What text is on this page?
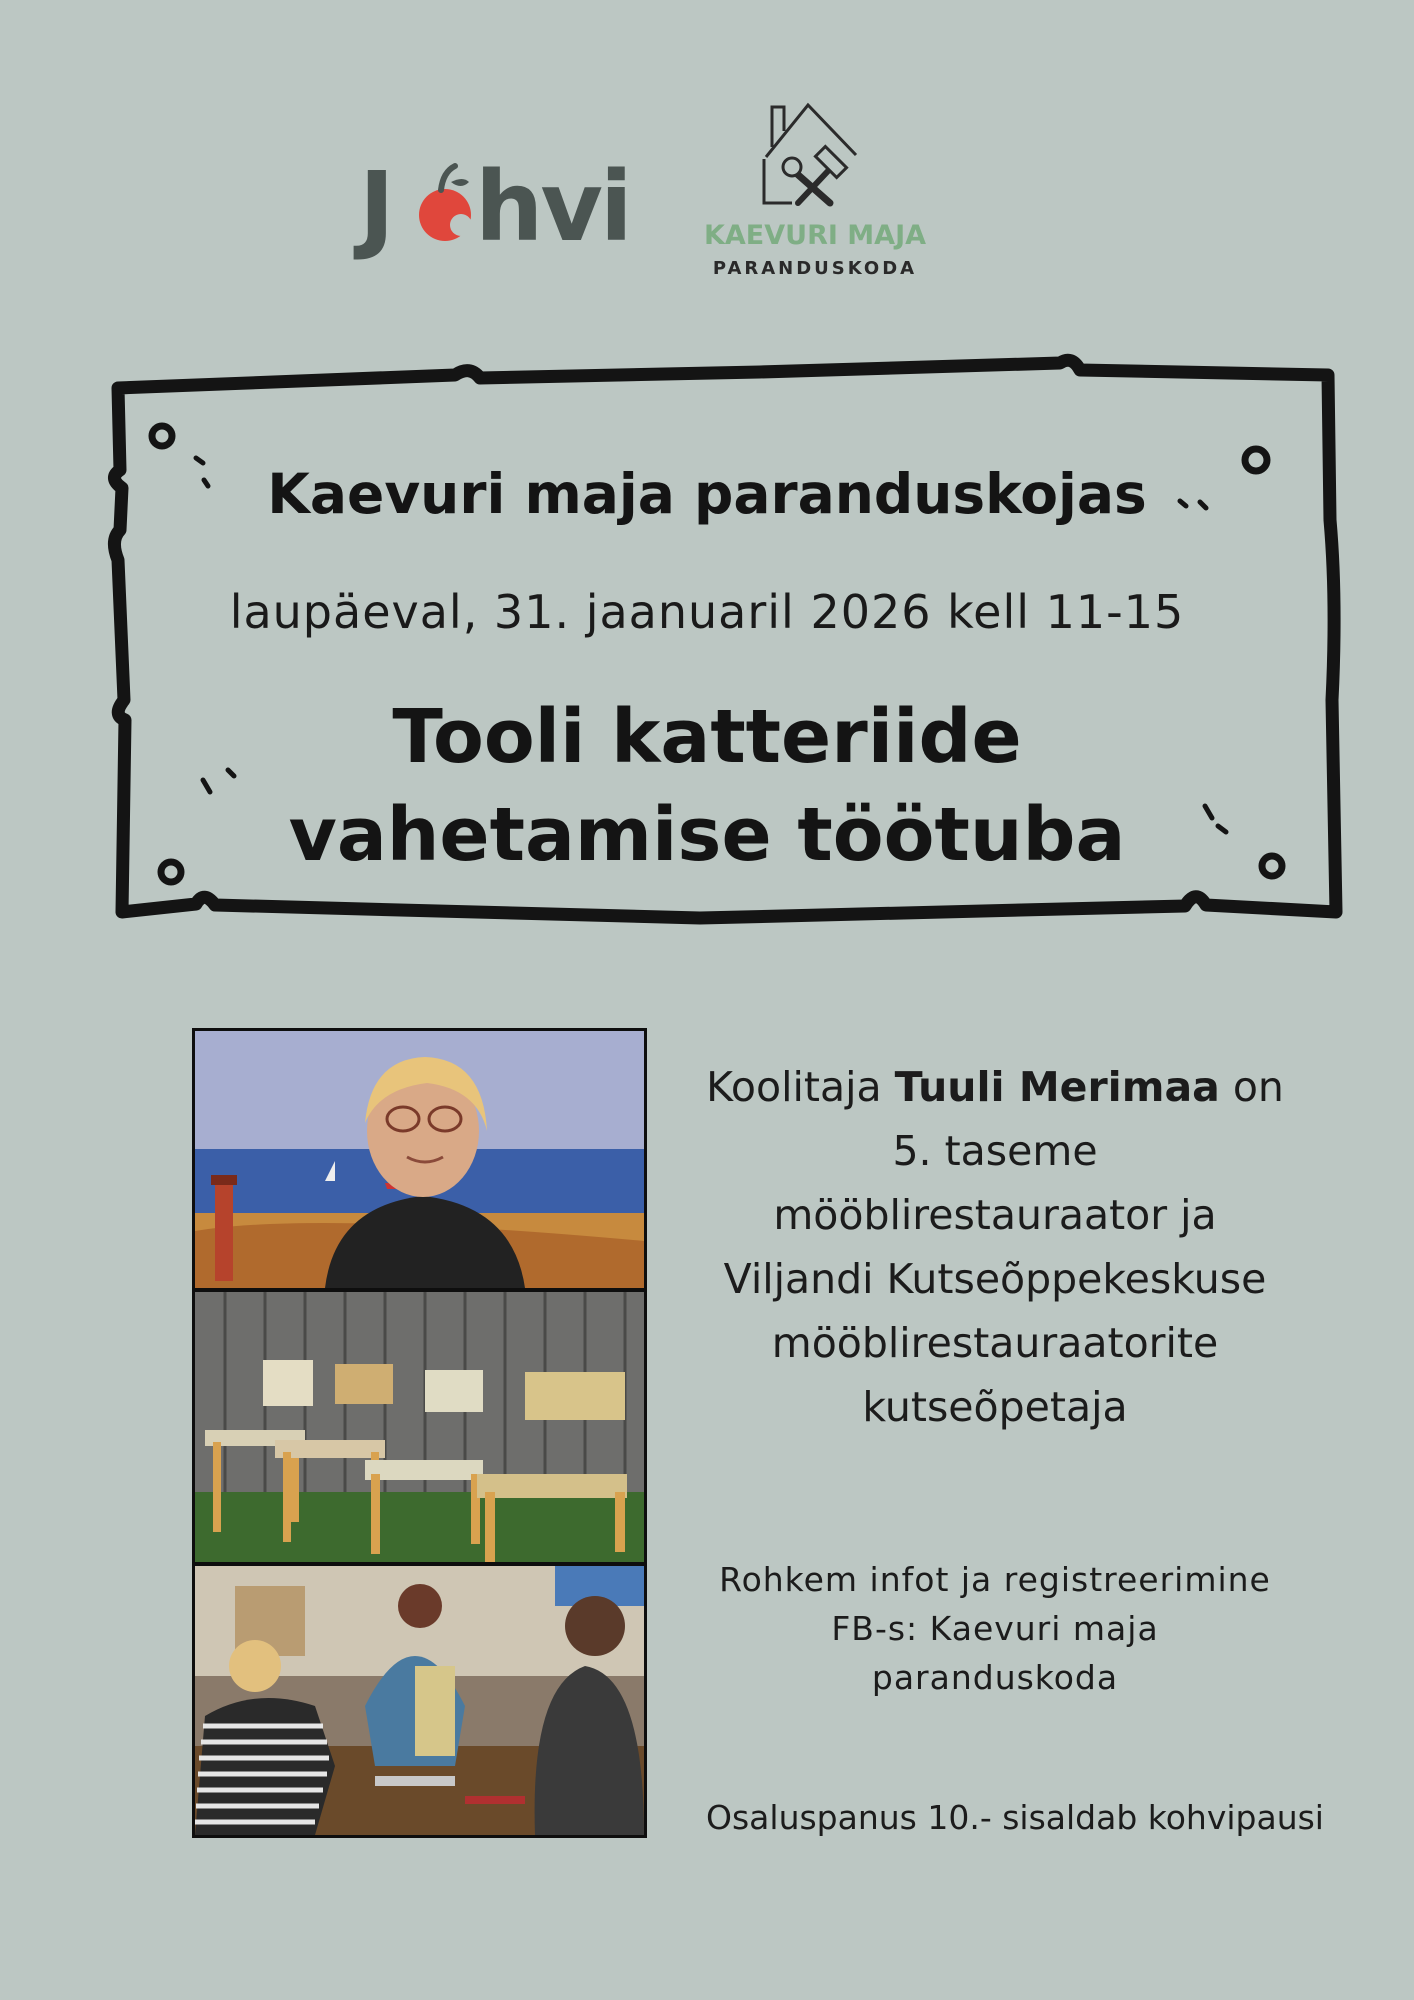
J hvi	KAEVURI MAJA
PARANDUSKODA
Kaevuri maja paranduskojas
laupäeval, 31. jaanuaril 2026 kell 11-15
Tooli katteriide
vahetamise töötuba
Koolitaja Tuuli Merimaa on
5. taseme
mööblirestauraator ja
Viljandi Kutseõppekeskuse
mööblirestauraatorite
kutseõpetaja
Rohkem infot ja registreerimine
FB-s: Kaevuri maja
paranduskoda
Osaluspanus 10.- sisaldab kohvipausi
